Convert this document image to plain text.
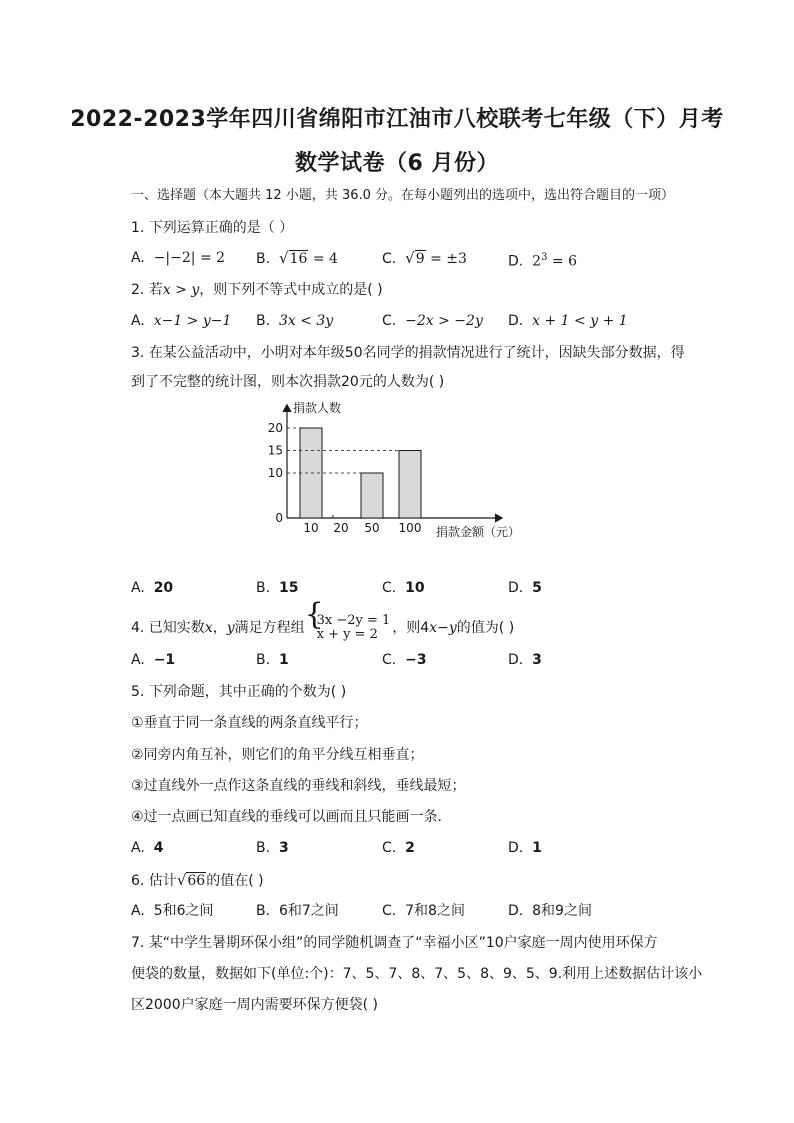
2022-2023学年四川省绵阳市江油市八校联考七年级（下）月考
数学试卷（6 月份）
一、选择题（本大题共 12 小题，共 36.0 分。在每小题列出的选项中，选出符合题目的一项）
1. 下列运算正确的是（ ）
A. −|−2| = 2 B. √16 = 4	C. √9 = ±3	D. $2^3 = 6$
2. 若x > y，则下列不等式中成立的是( )
A. x−1 > y−1 B. 3x < 3y	C. −2x > −2y D. x + 1 < y + 1
3. 在某公益活动中，小明对本年级50名同学的捐款情况进行了统计，因缺失部分数据，得
到了不完整的统计图，则本次捐款20元的人数为( )
捐款人数
捐款金额（元）
10 20 50 100
0
10
15
20
A. 20	B. 15	C. 10	D. 5
4. 已知实数x，y满足方程组
{ 3x −2y = 1
x + y = 2	，则4x−y的值为( )
A. −1	B. 1	C. −3	D. 3
5. 下列命题，其中正确的个数为( )
①垂直于同一条直线的两条直线平行；
②同旁内角互补，则它们的角平分线互相垂直；
③过直线外一点作这条直线的垂线和斜线，垂线最短；
④过一点画已知直线的垂线可以画而且只能画一条．
A. 4	B. 3	C. 2	D. 1
6. 估计√66的值在( )
A. 5和6之间	B. 6和7之间	C. 7和8之间	D. 8和9之间
7. 某“中学生暑期环保小组”的同学随机调查了“幸福小区”10户家庭一周内使用环保方
便袋的数量，数据如下(单位:个)：7、5、7、8、7、5、8、9、5、9.利用上述数据估计该小
区2000户家庭一周内需要环保方便袋( )
